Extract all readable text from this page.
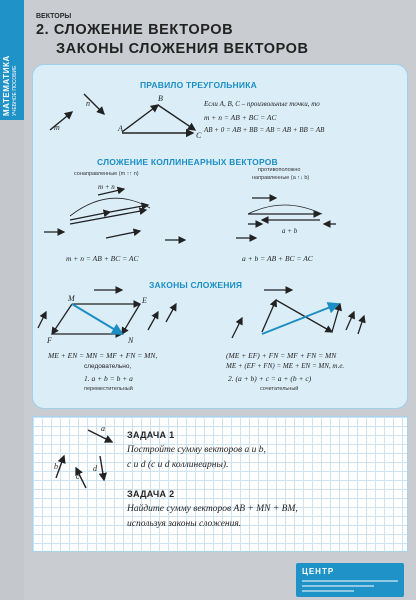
МАТЕМАТИКА УЧЕБНОЕ ПОСОБИЕ
ВЕКТОРЫ
2. СЛОЖЕНИЕ ВЕКТОРОВ
ЗАКОНЫ СЛОЖЕНИЯ ВЕКТОРОВ
ПРАВИЛО ТРЕУГОЛЬНИКА
Если A, B, C – произвольные точки, то
m + n = AB + BC = AC
AB + 0 = AB + BB = AB = AB + BB = AB
A
B
C
m
n
СЛОЖЕНИЕ КОЛЛИНЕАРНЫХ ВЕКТОРОВ
сонаправленные (m ↑↑ n)
противоположно
направленные (a ↑↓ b)
m + n
a + b
m + n = AB + BC = AC	a + b = AB + BC = AC
ЗАКОНЫ СЛОЖЕНИЯ
M
N
E
F
ME + EN = MN = MF + FN = MN,
следовательно,
1. a + b = b + a
переместительный
(ME + EF) + FN = MF + FN = MN
ME + (EF + FN) = ME + EN = MN, т.е.
2. (a + b) + c = a + (b + c)
сочетательный
ЗАДАЧА 1
Постройте сумму векторов a и b,
c и d (c и d коллинеарны).
ЗАДАЧА 2
Найдите сумму векторов AB + MN + BM,
используя законы сложения.
a
b
c
d
ЦЕНТР
